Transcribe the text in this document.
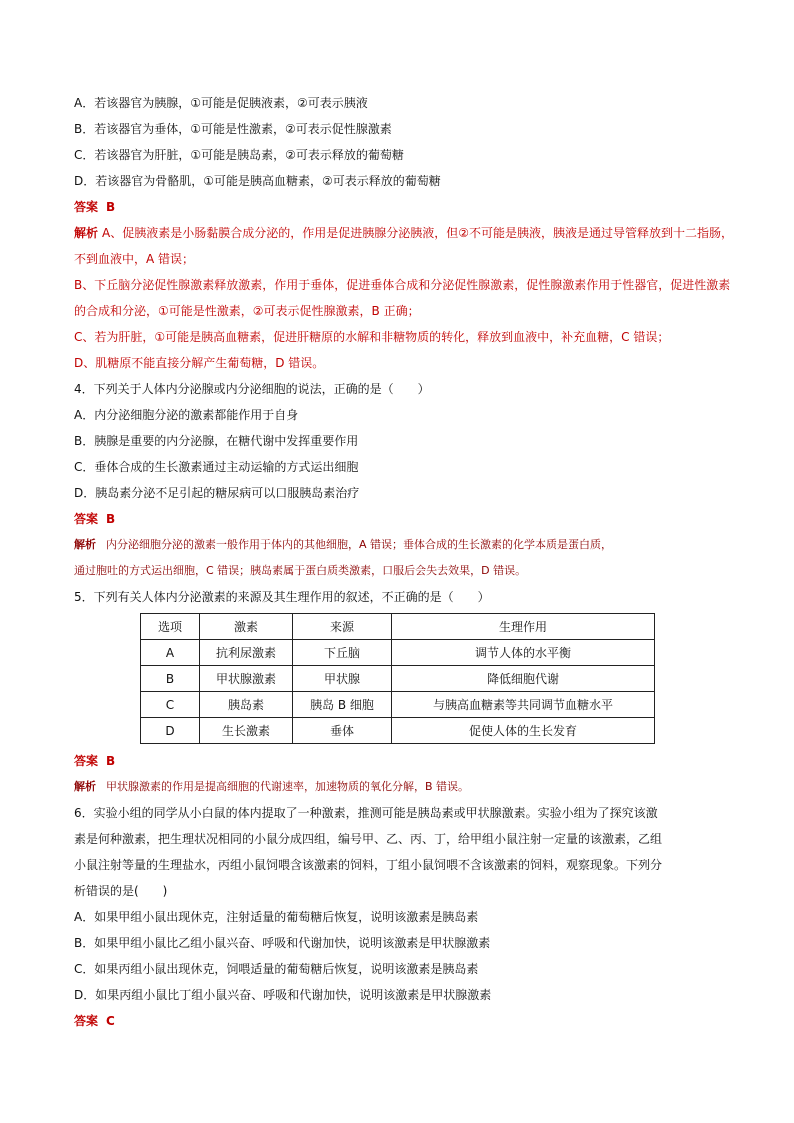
A．若该器官为胰腺，①可能是促胰液素，②可表示胰液
B．若该器官为垂体，①可能是性激素，②可表示促性腺激素
C．若该器官为肝脏，①可能是胰岛素，②可表示释放的葡萄糖
D．若该器官为骨骼肌，①可能是胰高血糖素，②可表示释放的葡萄糖
答案 B
解析 A、促胰液素是小肠黏膜合成分泌的，作用是促进胰腺分泌胰液，但②不可能是胰液，胰液是通过导管释放到十二指肠，不到血液中，A 错误；
B、下丘脑分泌促性腺激素释放激素，作用于垂体，促进垂体合成和分泌促性腺激素，促性腺激素作用于性器官，促进性激素的合成和分泌，①可能是性激素，②可表示促性腺激素，B 正确；
C、若为肝脏，①可能是胰高血糖素，促进肝糖原的水解和非糖物质的转化，释放到血液中，补充血糖，C 错误；
D、肌糖原不能直接分解产生葡萄糖，D 错误。
4．下列关于人体内分泌腺或内分泌细胞的说法，正确的是（　　）
A．内分泌细胞分泌的激素都能作用于自身
B．胰腺是重要的内分泌腺，在糖代谢中发挥重要作用
C．垂体合成的生长激素通过主动运输的方式运出细胞
D．胰岛素分泌不足引起的糖尿病可以口服胰岛素治疗
答案 B
解析 内分泌细胞分泌的激素一般作用于体内的其他细胞，A 错误；垂体合成的生长激素的化学本质是蛋白质，
通过胞吐的方式运出细胞，C 错误；胰岛素属于蛋白质类激素，口服后会失去效果，D 错误。
5．下列有关人体内分泌激素的来源及其生理作用的叙述，不正确的是（　　）
选项	激素	来源	生理作用
A	抗利尿激素	下丘脑	调节人体的水平衡
B	甲状腺激素	甲状腺	降低细胞代谢
C	胰岛素	胰岛 B 细胞	与胰高血糖素等共同调节血糖水平
D	生长激素	垂体	促使人体的生长发育
答案 B
解析 甲状腺激素的作用是提高细胞的代谢速率，加速物质的氧化分解，B 错误。
6．实验小组的同学从小白鼠的体内提取了一种激素，推测可能是胰岛素或甲状腺激素。实验小组为了探究该激
素是何种激素，把生理状况相同的小鼠分成四组，编号甲、乙、丙、丁，给甲组小鼠注射一定量的该激素，乙组
小鼠注射等量的生理盐水，丙组小鼠饲喂含该激素的饲料，丁组小鼠饲喂不含该激素的饲料，观察现象。下列分
析错误的是(　　)
A．如果甲组小鼠出现休克，注射适量的葡萄糖后恢复，说明该激素是胰岛素
B．如果甲组小鼠比乙组小鼠兴奋、呼吸和代谢加快，说明该激素是甲状腺激素
C．如果丙组小鼠出现休克，饲喂适量的葡萄糖后恢复，说明该激素是胰岛素
D．如果丙组小鼠比丁组小鼠兴奋、呼吸和代谢加快，说明该激素是甲状腺激素
答案 C
